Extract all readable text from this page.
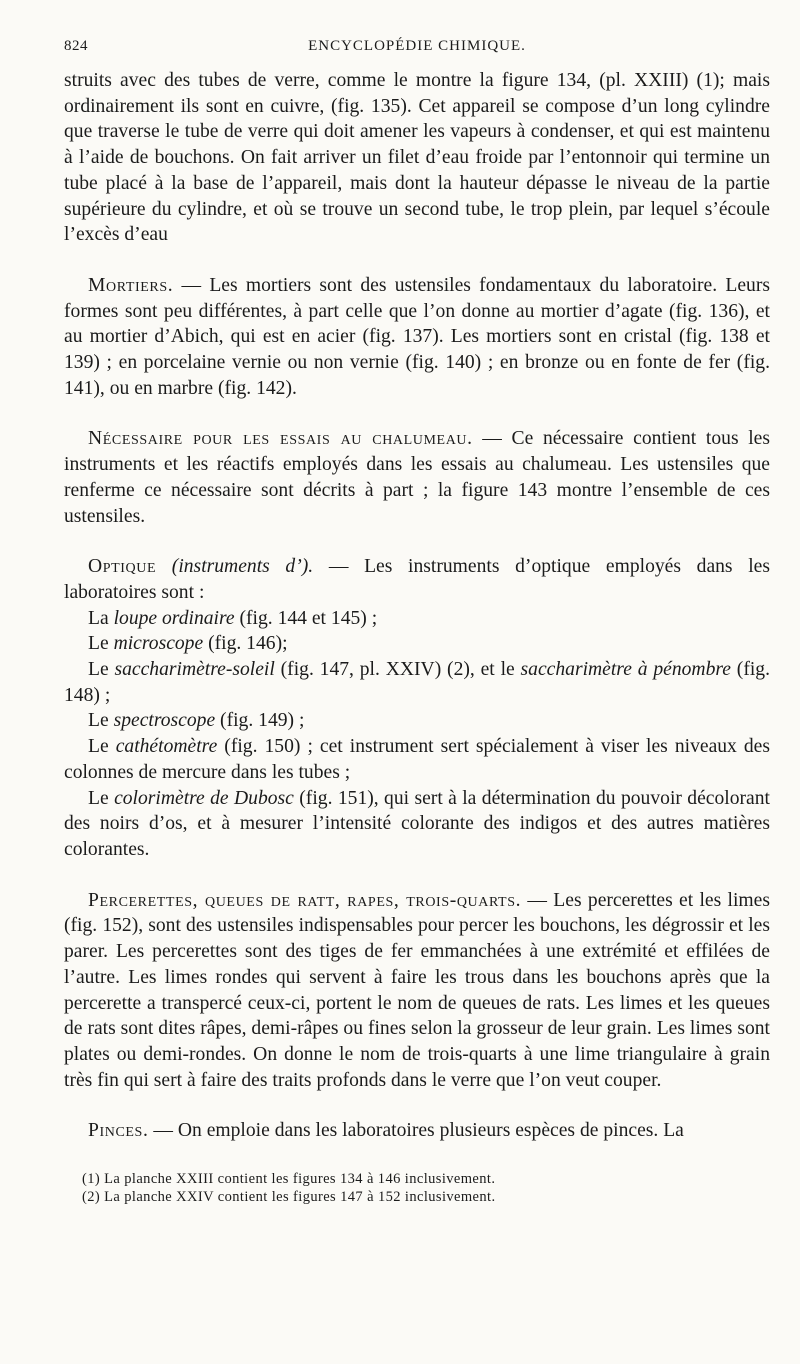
824	ENCYCLOPÉDIE CHIMIQUE.

struits avec des tubes de verre, comme le montre la figure 134, (pl. XXIII) (1); mais ordinairement ils sont en cuivre, (fig. 135). Cet appareil se compose d’un long cylindre que traverse le tube de verre qui doit amener les vapeurs à condenser, et qui est maintenu à l’aide de bouchons. On fait arriver un filet d’eau froide par l’entonnoir qui termine un tube placé à la base de l’appareil, mais dont la hauteur dépasse le niveau de la partie supérieure du cylindre, et où se trouve un second tube, le trop plein, par lequel s’écoule l’excès d’eau

Mortiers. — Les mortiers sont des ustensiles fondamentaux du laboratoire. Leurs formes sont peu différentes, à part celle que l’on donne au mortier d’agate (fig. 136), et au mortier d’Abich, qui est en acier (fig. 137). Les mortiers sont en cristal (fig. 138 et 139) ; en porcelaine vernie ou non vernie (fig. 140) ; en bronze ou en fonte de fer (fig. 141), ou en marbre (fig. 142).

Nécessaire pour les essais au chalumeau. — Ce nécessaire contient tous les instruments et les réactifs employés dans les essais au chalumeau. Les ustensiles que renferme ce nécessaire sont décrits à part ; la figure 143 montre l’ensemble de ces ustensiles.

Optique (instruments d’). — Les instruments d’optique employés dans les laboratoires sont :

La loupe ordinaire (fig. 144 et 145) ;

Le microscope (fig. 146);

Le saccharimètre-soleil (fig. 147, pl. XXIV) (2), et le saccharimètre à pénombre (fig. 148) ;

Le spectroscope (fig. 149) ;

Le cathétomètre (fig. 150) ; cet instrument sert spécialement à viser les niveaux des colonnes de mercure dans les tubes ;

Le colorimètre de Dubosc (fig. 151), qui sert à la détermination du pouvoir décolorant des noirs d’os, et à mesurer l’intensité colorante des indigos et des autres matières colorantes.

Percerettes, queues de ratt, rapes, trois-quarts. — Les percerettes et les limes (fig. 152), sont des ustensiles indispensables pour percer les bouchons, les dégrossir et les parer. Les percerettes sont des tiges de fer emmanchées à une extrémité et effilées de l’autre. Les limes rondes qui servent à faire les trous dans les bouchons après que la percerette a transpercé ceux-ci, portent le nom de queues de rats. Les limes et les queues de rats sont dites râpes, demi-râpes ou fines selon la grosseur de leur grain. Les limes sont plates ou demi-rondes. On donne le nom de trois-quarts à une lime triangulaire à grain très fin qui sert à faire des traits profonds dans le verre que l’on veut couper.

Pinces. — On emploie dans les laboratoires plusieurs espèces de pinces. La

(1) La planche XXIII contient les figures 134 à 146 inclusivement.

(2) La planche XXIV contient les figures 147 à 152 inclusivement.
